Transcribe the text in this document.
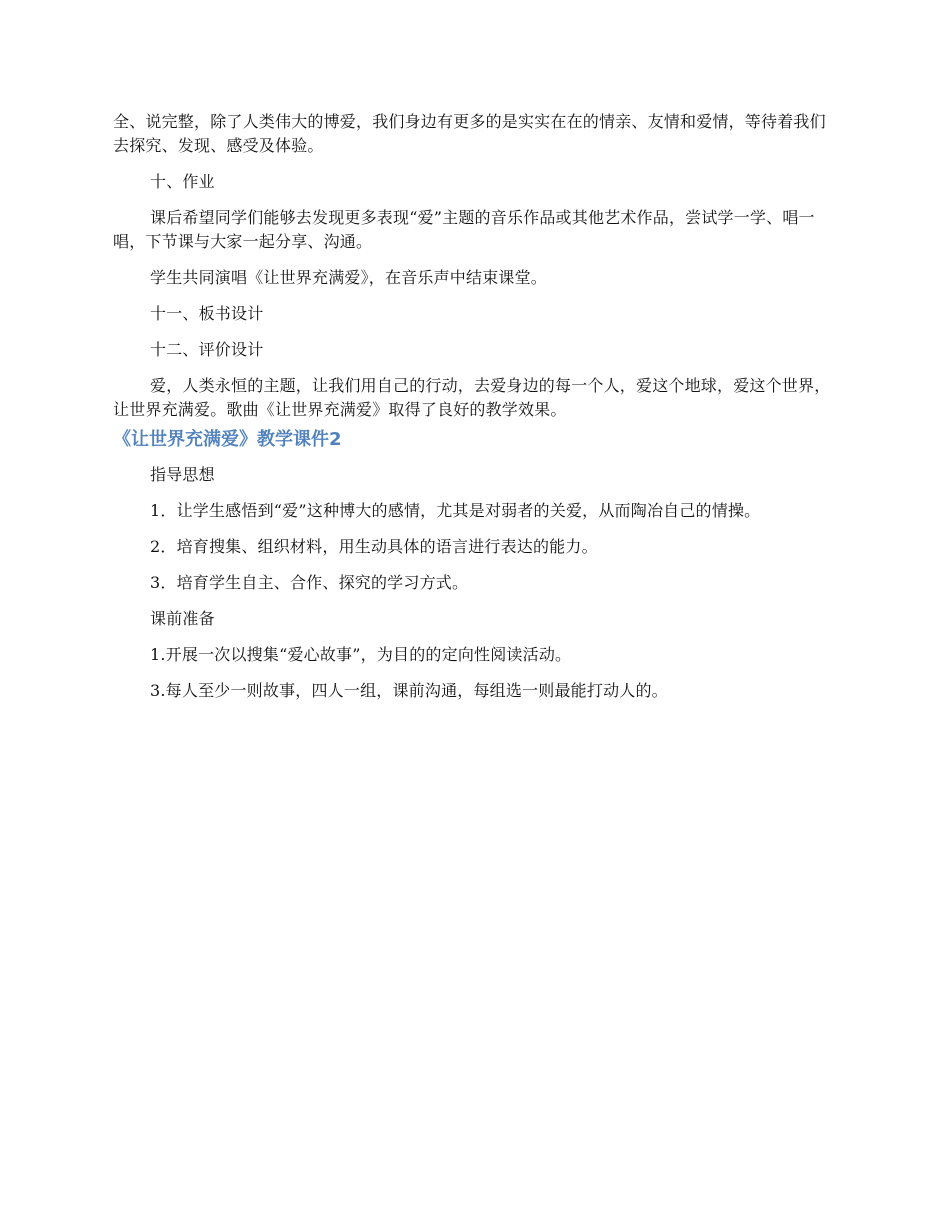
全、说完整，除了人类伟大的博爱，我们身边有更多的是实实在在的情亲、友情和爱情，等待着我们去探究、发现、感受及体验。

十、作业

课后希望同学们能够去发现更多表现“爱”主题的音乐作品或其他艺术作品，尝试学一学、唱一唱，下节课与大家一起分享、沟通。

学生共同演唱《让世界充满爱》，在音乐声中结束课堂。

十一、板书设计

十二、评价设计

爱，人类永恒的主题，让我们用自己的行动，去爱身边的每一个人，爱这个地球，爱这个世界，让世界充满爱。歌曲《让世界充满爱》取得了良好的教学效果。

《让世界充满爱》教学课件2

指导思想

1．让学生感悟到“爱”这种博大的感情，尤其是对弱者的关爱，从而陶冶自己的情操。

2．培育搜集、组织材料，用生动具体的语言进行表达的能力。

3．培育学生自主、合作、探究的学习方式。

课前准备

1.开展一次以搜集“爱心故事”，为目的的定向性阅读活动。

3.每人至少一则故事，四人一组，课前沟通，每组选一则最能打动人的。
